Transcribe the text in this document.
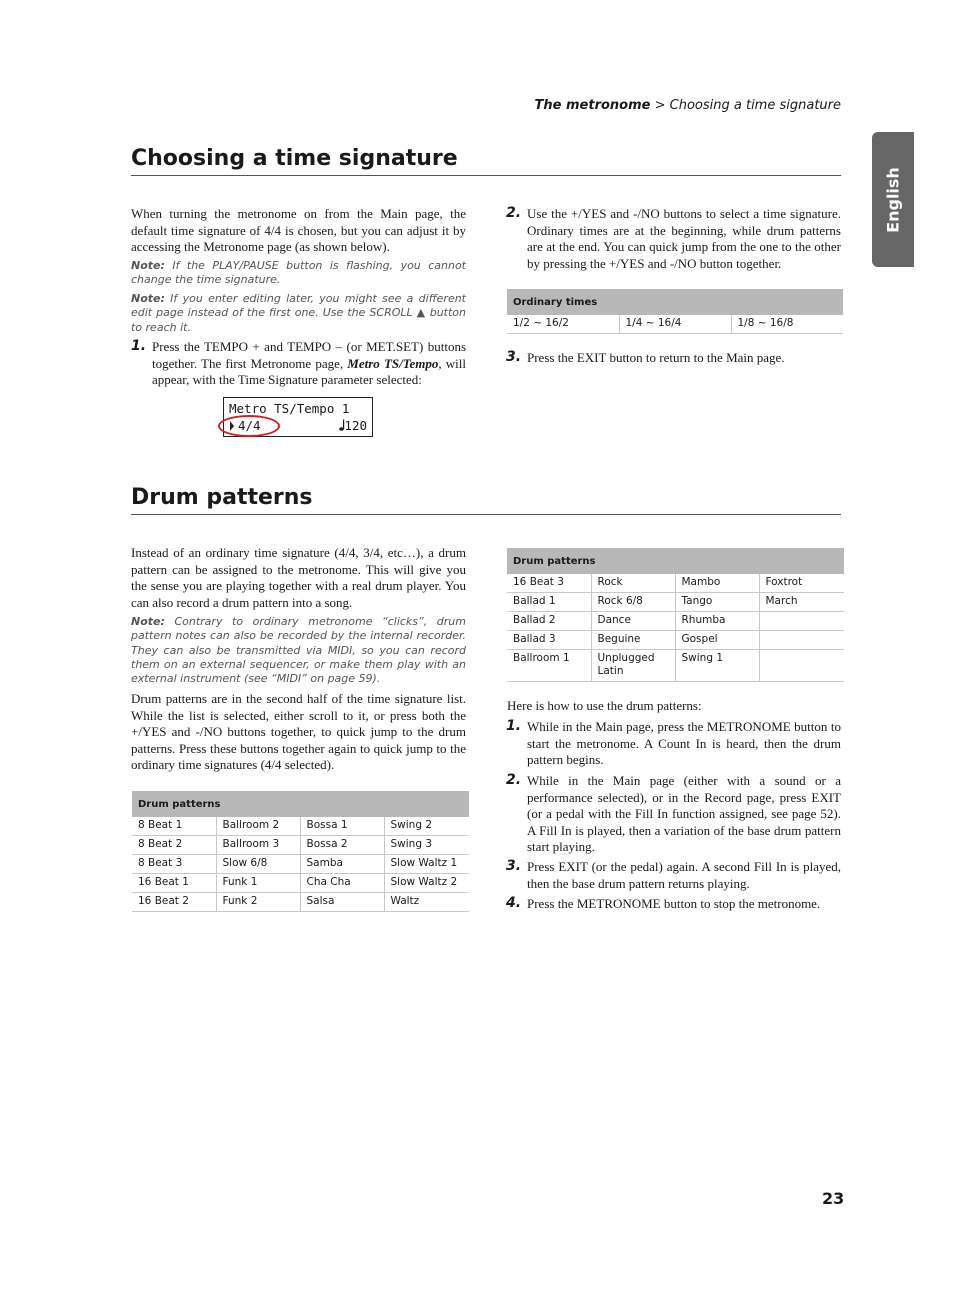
The metronome > Choosing a time signature
English
Choosing a time signature
When turning the metronome on from the Main page, the default time signature of 4/4 is chosen, but you can adjust it by accessing the Metronome page (as shown below).
Note: If the PLAY/PAUSE button is flashing, you cannot change the time signature.
Note: If you enter editing later, you might see a different edit page instead of the first one. Use the SCROLL ▲ button to reach it.
1. Press the TEMPO + and TEMPO – (or MET.SET) buttons together. The first Metronome page, Metro TS/Tempo, will appear, with the Time Signature parameter selected:
Metro TS/Tempo 1
4/4	120
2. Use the +/YES and -/NO buttons to select a time signature. Ordinary times are at the beginning, while drum patterns are at the end. You can quick jump from the one to the other by pressing the +/YES and -/NO button together.
Ordinary times
1/2 ~ 16/2	1/4 ~ 16/4	1/8 ~ 16/8
3. Press the EXIT button to return to the Main page.
Drum patterns
Instead of an ordinary time signature (4/4, 3/4, etc…), a drum pattern can be assigned to the metronome. This will give you the sense you are playing together with a real drum player. You can also record a drum pattern into a song.
Note: Contrary to ordinary metronome “clicks”, drum pattern notes can also be recorded by the internal recorder. They can also be transmitted via MIDI, so you can record them on an external sequencer, or make them play with an external instrument (see “MIDI” on page 59).
Drum patterns are in the second half of the time signature list. While the list is selected, either scroll to it, or press both the +/YES and -/NO buttons together, to quick jump to the drum patterns. Press these buttons together again to quick jump to the ordinary time signatures (4/4 selected).
Drum patterns			
8 Beat 1	Ballroom 2	Bossa 1	Swing 2
8 Beat 2	Ballroom 3	Bossa 2	Swing 3
8 Beat 3	Slow 6/8	Samba	Slow Waltz 1
16 Beat 1	Funk 1	Cha Cha	Slow Waltz 2
16 Beat 2	Funk 2	Salsa	Waltz
Drum patterns			
16 Beat 3	Rock	Mambo	Foxtrot
Ballad 1	Rock 6/8	Tango	March
Ballad 2	Dance	Rhumba	
Ballad 3	Beguine	Gospel	
Ballroom 1	Unplugged Latin	Swing 1	
Here is how to use the drum patterns:
1. While in the Main page, press the METRONOME button to start the metronome. A Count In is heard, then the drum pattern begins.
2. While in the Main page (either with a sound or a performance selected), or in the Record page, press EXIT (or a pedal with the Fill In function assigned, see page 52). A Fill In is played, then a variation of the base drum pattern start playing.
3. Press EXIT (or the pedal) again. A second Fill In is played, then the base drum pattern returns playing.
4. Press the METRONOME button to stop the metronome.
23
